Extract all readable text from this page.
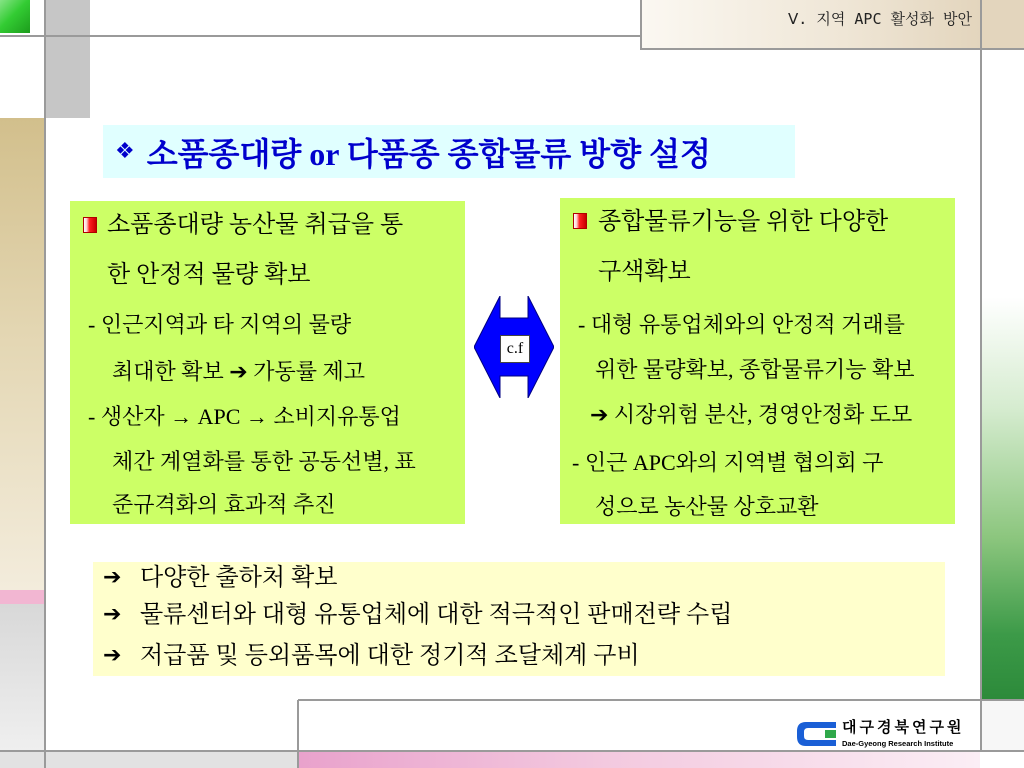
Ⅴ. 지역 APC 활성화 방안
❖ 소품종대량 or 다품종 종합물류 방향 설정
소품종대량 농산물 취급을 통
한 안정적 물량 확보
- 인근지역과 타 지역의 물량
최대한 확보 ➔ 가동률 제고
- 생산자 → APC → 소비지유통업
체간 계열화를 통한 공동선별, 표
준규격화의 효과적 추진
c.f
종합물류기능을 위한 다양한
구색확보
- 대형 유통업체와의 안정적 거래를
위한 물량확보, 종합물류기능 확보
➔ 시장위험 분산, 경영안정화 도모
- 인근 APC와의 지역별 협의회 구
성으로 농산물 상호교환
➔ 다양한 출하처 확보
➔ 물류센터와 대형 유통업체에 대한 적극적인 판매전략 수립
➔ 저급품 및 등외품목에 대한 정기적 조달체계 구비
대구경북연구원
Dae-Gyeong Research Institute
